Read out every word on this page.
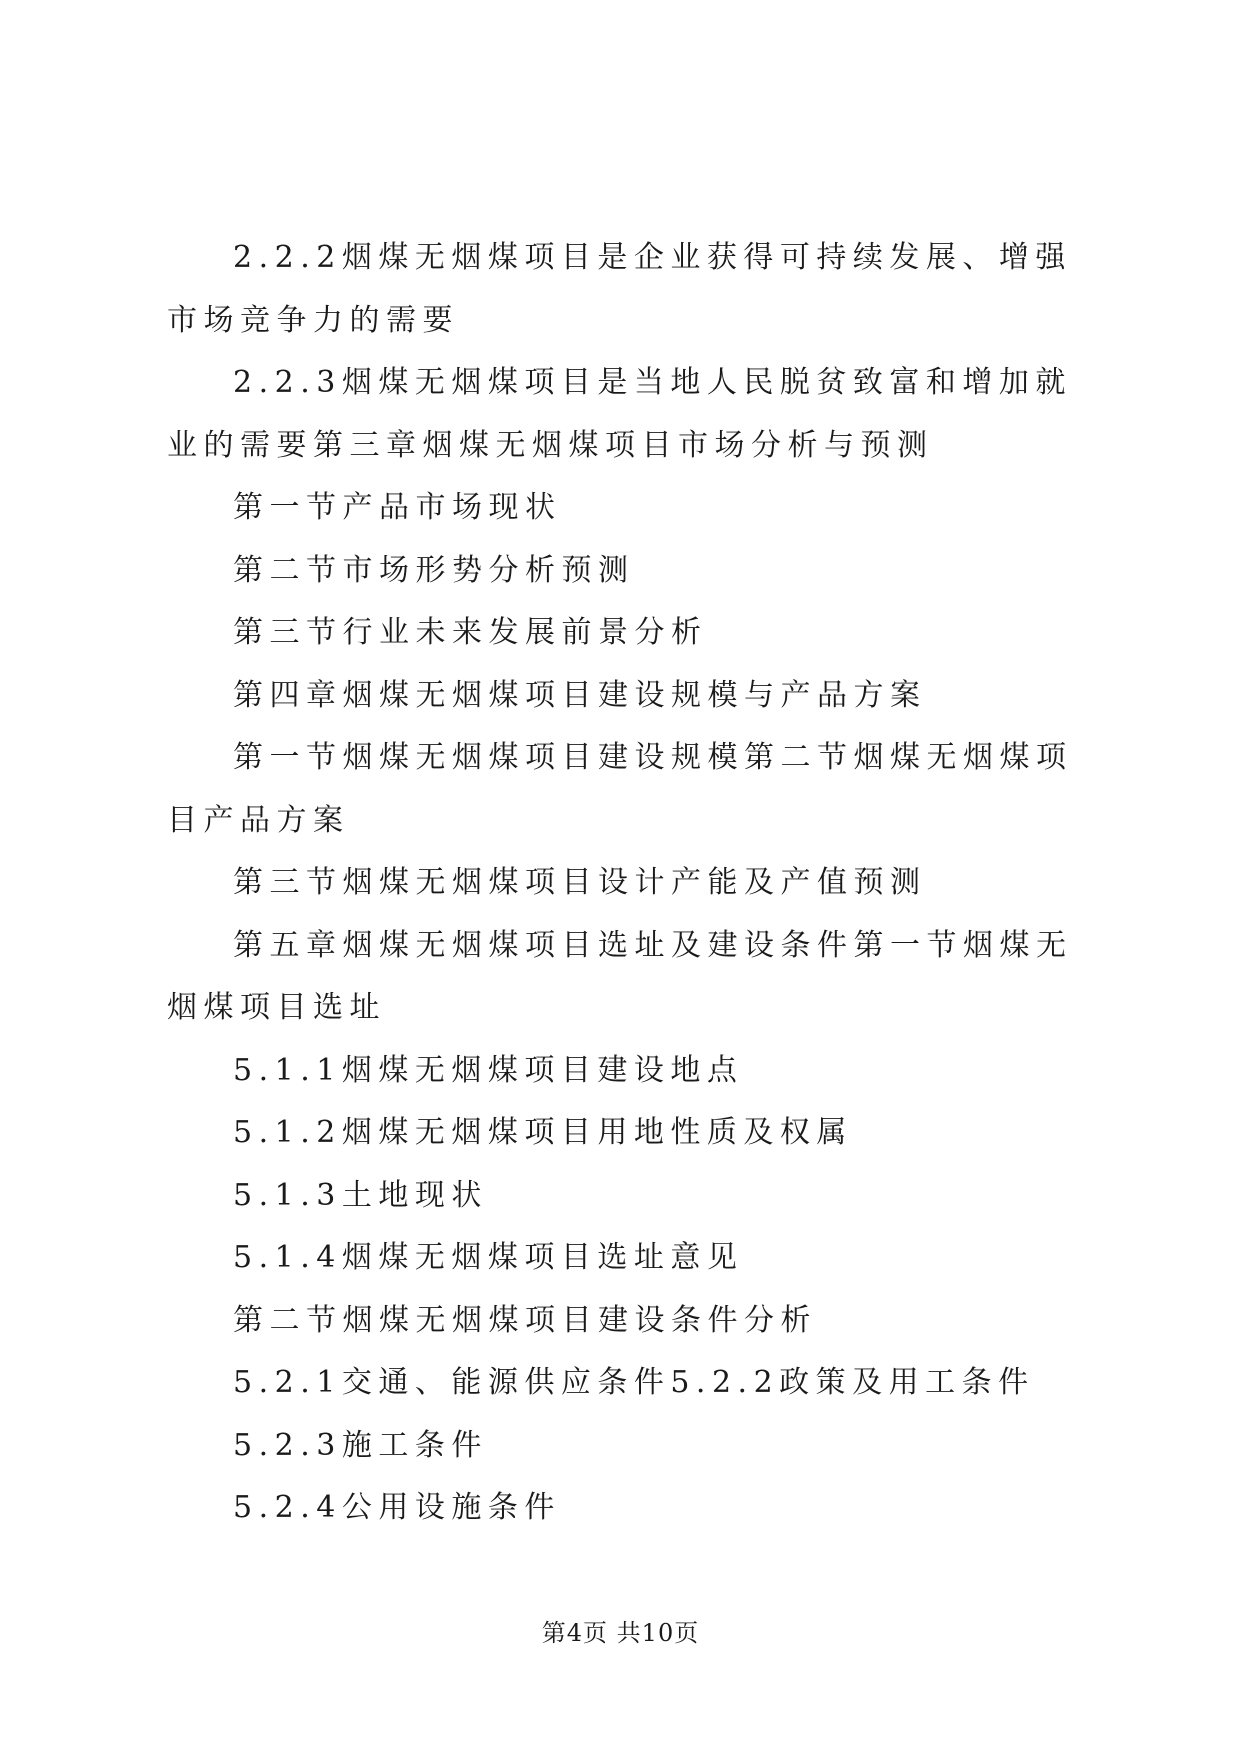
2.2.2烟煤无烟煤项目是企业获得可持续发展、增强市场竞争力的需要

2.2.3烟煤无烟煤项目是当地人民脱贫致富和增加就业的需要第三章烟煤无烟煤项目市场分析与预测

第一节产品市场现状

第二节市场形势分析预测

第三节行业未来发展前景分析

第四章烟煤无烟煤项目建设规模与产品方案

第一节烟煤无烟煤项目建设规模第二节烟煤无烟煤项目产品方案

第三节烟煤无烟煤项目设计产能及产值预测

第五章烟煤无烟煤项目选址及建设条件第一节烟煤无烟煤项目选址

5.1.1烟煤无烟煤项目建设地点

5.1.2烟煤无烟煤项目用地性质及权属

5.1.3土地现状

5.1.4烟煤无烟煤项目选址意见

第二节烟煤无烟煤项目建设条件分析

5.2.1交通、能源供应条件5.2.2政策及用工条件

5.2.3施工条件

5.2.4公用设施条件

第4页 共10页
